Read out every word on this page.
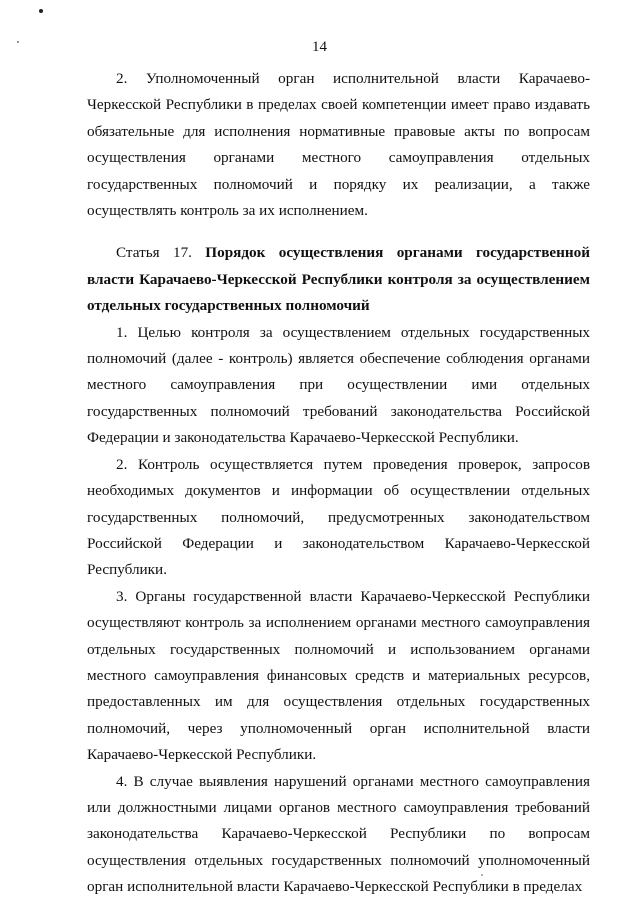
14

2. Уполномоченный орган исполнительной власти Карачаево-Черкесской Республики в пределах своей компетенции имеет право издавать обязательные для исполнения нормативные правовые акты по вопросам осуществления органами местного самоуправления отдельных государственных полномочий и порядку их реализации, а также осуществлять контроль за их исполнением.

Статья 17. Порядок осуществления органами государственной власти Карачаево-Черкесской Республики контроля за осуществлением отдельных государственных полномочий

1. Целью контроля за осуществлением отдельных государственных полномочий (далее - контроль) является обеспечение соблюдения органами местного самоуправления при осуществлении ими отдельных государственных полномочий требований законодательства Российской Федерации и законодательства Карачаево-Черкесской Республики.

2. Контроль осуществляется путем проведения проверок, запросов необходимых документов и информации об осуществлении отдельных государственных полномочий, предусмотренных законодательством Российской Федерации и законодательством Карачаево-Черкесской Республики.

3. Органы государственной власти Карачаево-Черкесской Республики осуществляют контроль за исполнением органами местного самоуправления отдельных государственных полномочий и использованием органами местного самоуправления финансовых средств и материальных ресурсов, предоставленных им для осуществления отдельных государственных полномочий, через уполномоченный орган исполнительной власти Карачаево-Черкесской Республики.

4. В случае выявления нарушений органами местного самоуправления или должностными лицами органов местного самоуправления требований законодательства Карачаево-Черкесской Республики по вопросам осуществления отдельных государственных полномочий уполномоченный орган исполнительной власти Карачаево-Черкесской Республики в пределах
